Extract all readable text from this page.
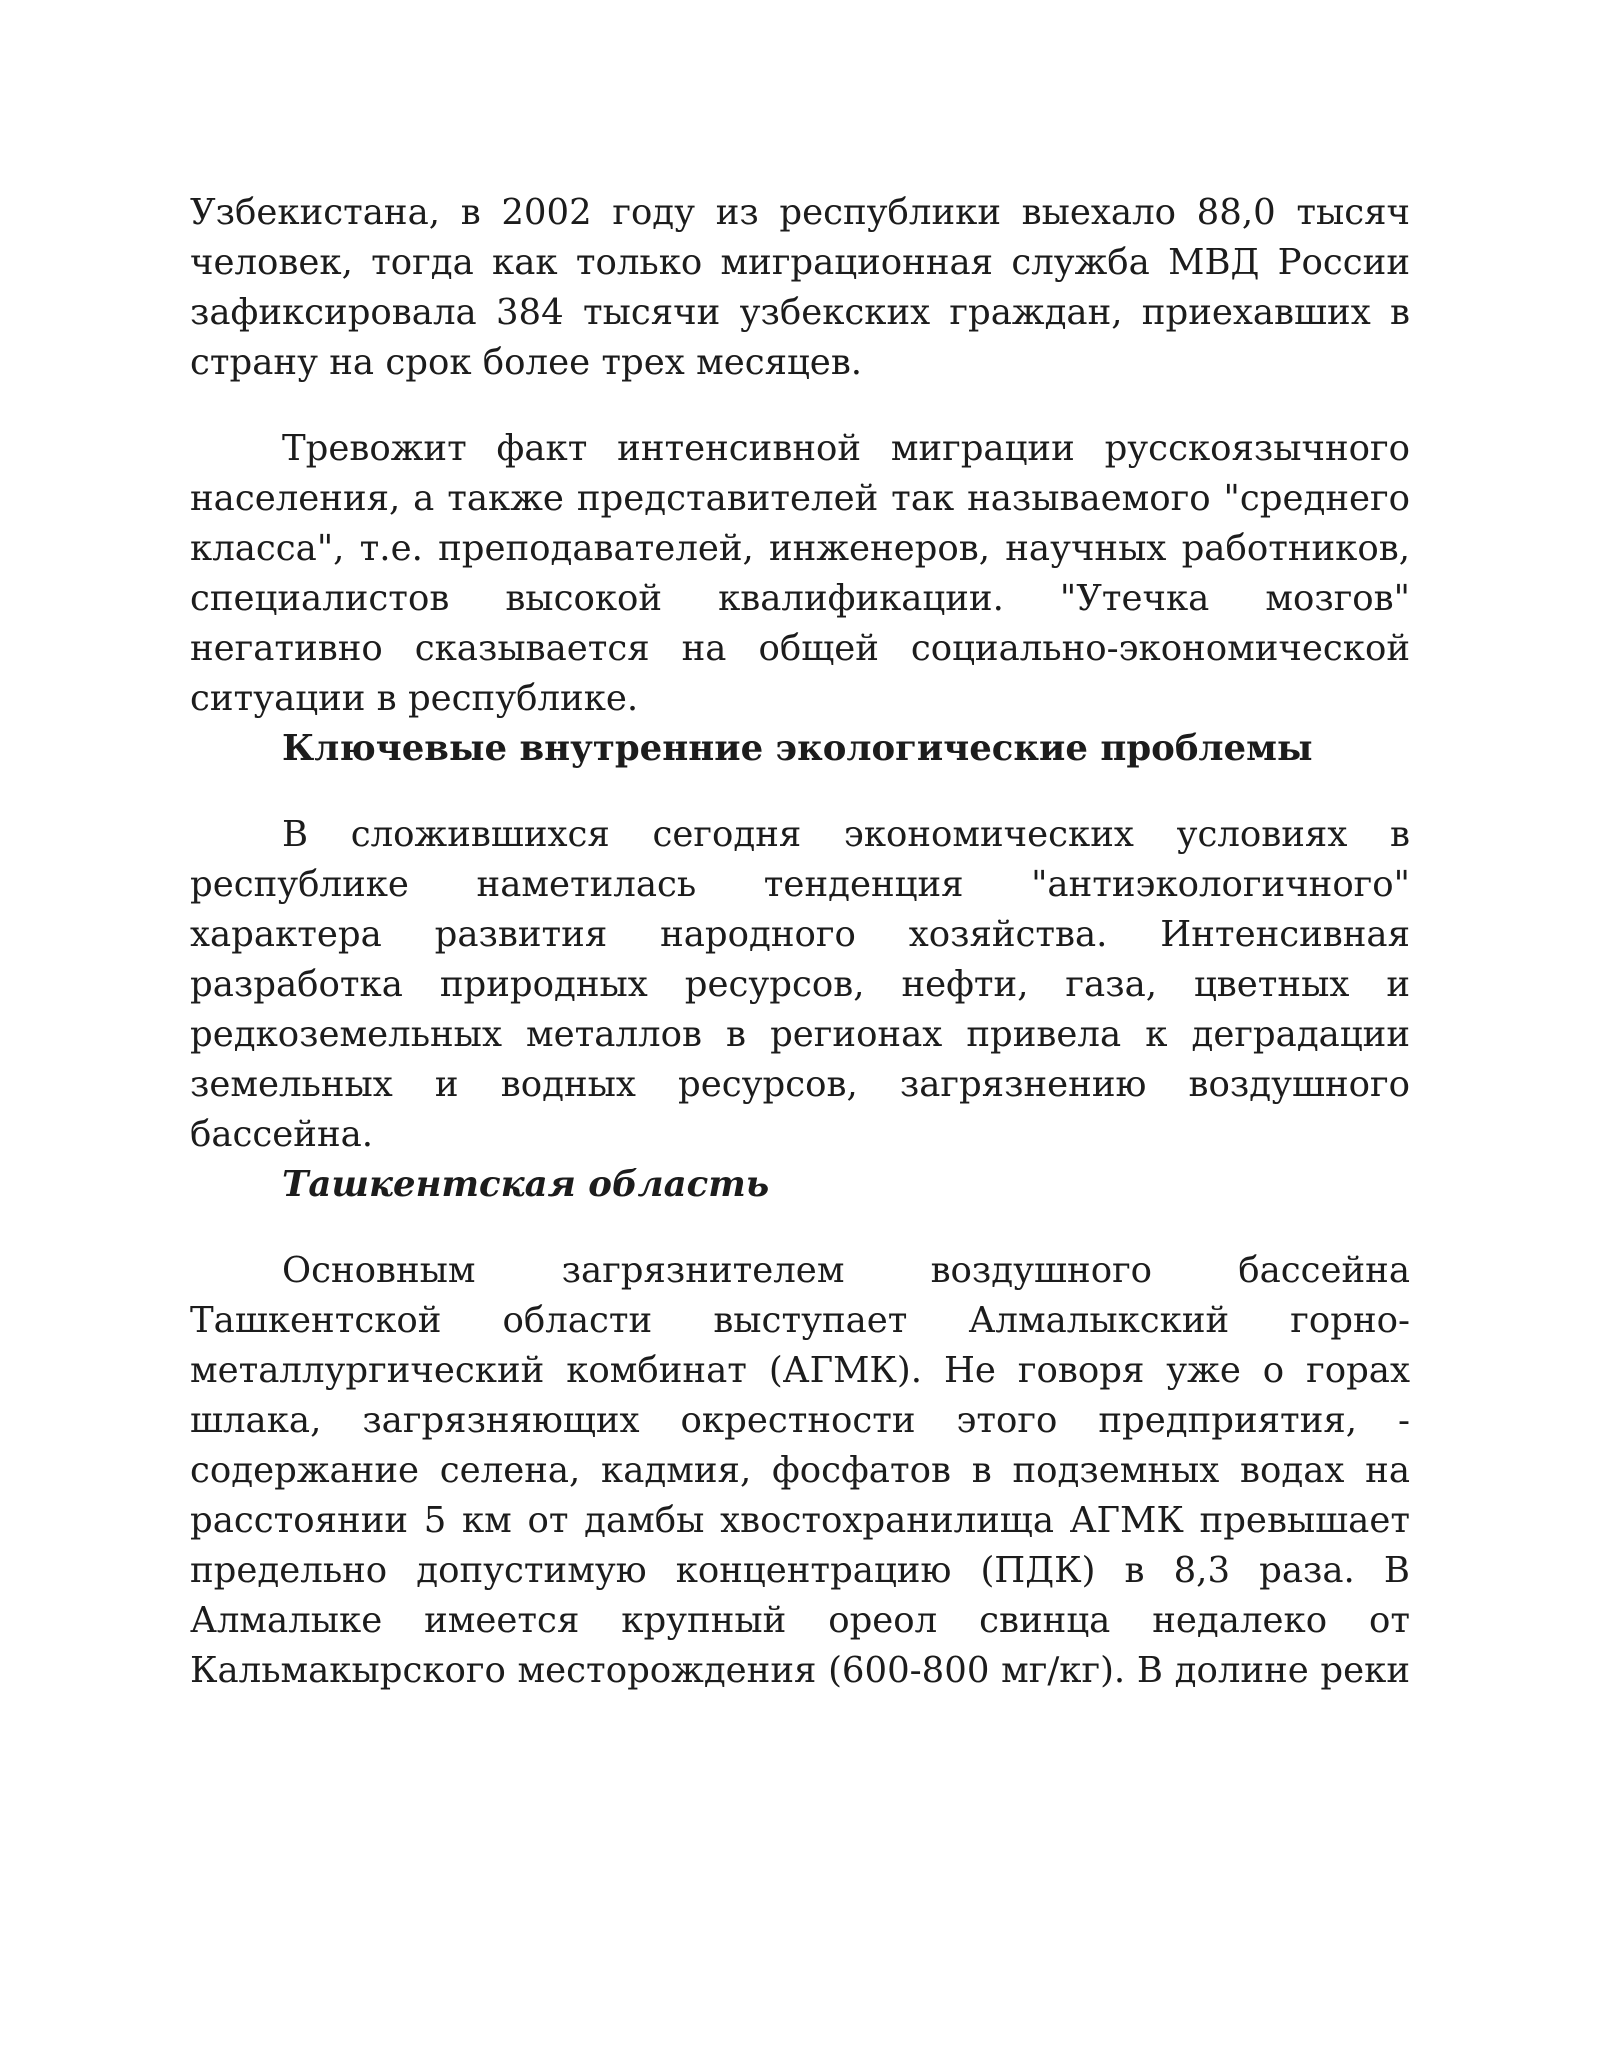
Узбекистана, в 2002 году из республики выехало 88,0 тысяч человек, тогда как только миграционная служба МВД России зафиксировала 384 тысячи узбекских граждан, приехавших в страну на срок более трех месяцев.

Тревожит факт интенсивной миграции русскоязычного населения, а также представителей так называемого "среднего класса", т.е. преподавателей, инженеров, научных работников, специалистов высокой квалификации. "Утечка мозгов" негативно сказывается на общей социально-экономической ситуации в республике.

Ключевые внутренние экологические проблемы

В сложившихся сегодня экономических условиях в республике наметилась тенденция "антиэкологичного" характера развития народного хозяйства. Интенсивная разработка природных ресурсов, нефти, газа, цветных и редкоземельных металлов в регионах привела к деградации земельных и водных ресурсов, загрязнению воздушного бассейна.

Ташкентская область

Основным загрязнителем воздушного бассейна Ташкентской области выступает Алмалыкский горно-металлургический комбинат (АГМК). Не говоря уже о горах шлака, загрязняющих окрестности этого предприятия, - содержание селена, кадмия, фосфатов в подземных водах на расстоянии 5 км от дамбы хвостохранилища АГМК превышает предельно допустимую концентрацию (ПДК) в 8,3 раза. В Алмалыке имеется крупный ореол свинца недалеко от Кальмакырского месторождения (600-800 мг/кг). В долине реки
